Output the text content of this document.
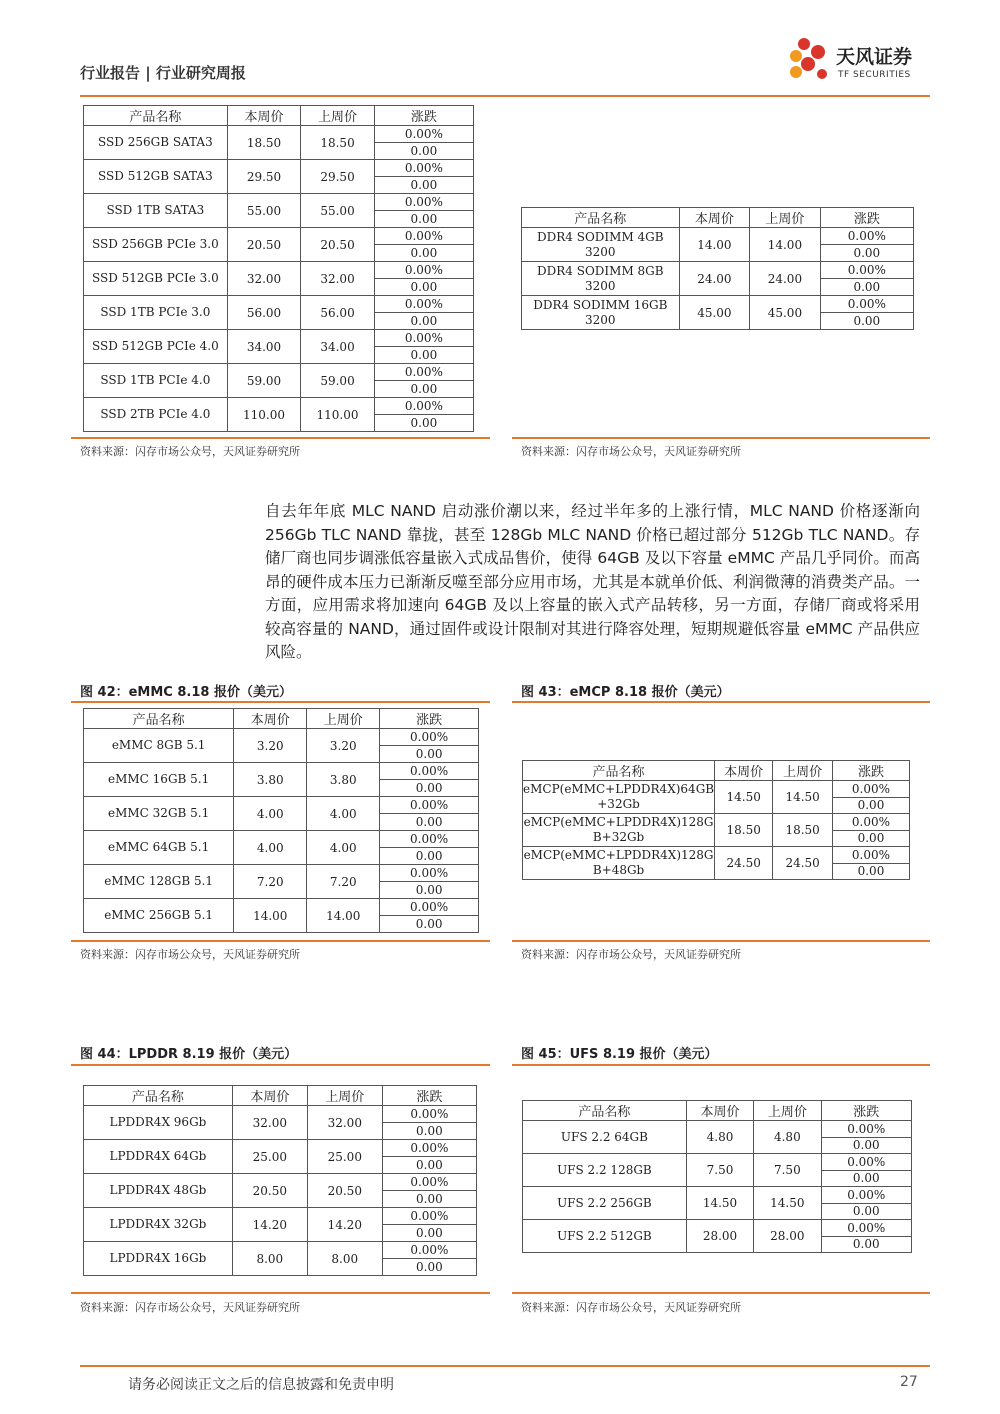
行业报告 | 行业研究周报
天风证券
TF SECURITIES
产品名称	本周价	上周价	涨跌
SSD 256GB SATA3	18.50	18.50	0.00%
			0.00
SSD 512GB SATA3	29.50	29.50	0.00%
			0.00
SSD 1TB SATA3	55.00	55.00	0.00%
			0.00
SSD 256GB PCIe 3.0	20.50	20.50	0.00%
			0.00
SSD 512GB PCIe 3.0	32.00	32.00	0.00%
			0.00
SSD 1TB PCIe 3.0	56.00	56.00	0.00%
			0.00
SSD 512GB PCIe 4.0	34.00	34.00	0.00%
			0.00
SSD 1TB PCIe 4.0	59.00	59.00	0.00%
			0.00
SSD 2TB PCIe 4.0	110.00	110.00	0.00%
			0.00
资料来源：闪存市场公众号，天风证券研究所
产品名称	本周价	上周价	涨跌
DDR4 SODIMM 4GB 3200	14.00	14.00	0.00%
			0.00
DDR4 SODIMM 8GB 3200	24.00	24.00	0.00%
			0.00
DDR4 SODIMM 16GB 3200	45.00	45.00	0.00%
			0.00
资料来源：闪存市场公众号，天风证券研究所
自去年年底 MLC NAND 启动涨价潮以来，经过半年多的上涨行情，MLC NAND 价格逐渐向 256Gb TLC NAND 靠拢，甚至 128Gb MLC NAND 价格已超过部分 512Gb TLC NAND。存储厂商也同步调涨低容量嵌入式成品售价，使得 64GB 及以下容量 eMMC 产品几乎同价。而高昂的硬件成本压力已渐渐反噬至部分应用市场，尤其是本就单价低、利润微薄的消费类产品。一方面，应用需求将加速向 64GB 及以上容量的嵌入式产品转移，另一方面，存储厂商或将采用较高容量的 NAND，通过固件或设计限制对其进行降容处理，短期规避低容量 eMMC 产品供应风险。
图 42：eMMC 8.18 报价（美元）
产品名称	本周价	上周价	涨跌
eMMC 8GB 5.1	3.20	3.20	0.00%
			0.00
eMMC 16GB 5.1	3.80	3.80	0.00%
			0.00
eMMC 32GB 5.1	4.00	4.00	0.00%
			0.00
eMMC 64GB 5.1	4.00	4.00	0.00%
			0.00
eMMC 128GB 5.1	7.20	7.20	0.00%
			0.00
eMMC 256GB 5.1	14.00	14.00	0.00%
			0.00
资料来源：闪存市场公众号，天风证券研究所
图 43：eMCP 8.18 报价（美元）
产品名称	本周价	上周价	涨跌
eMCP(eMMC+LPDDR4X)64GB +32Gb	14.50	14.50	0.00%
			0.00
eMCP(eMMC+LPDDR4X)128G B+32Gb	18.50	18.50	0.00%
			0.00
eMCP(eMMC+LPDDR4X)128G B+48Gb	24.50	24.50	0.00%
			0.00
资料来源：闪存市场公众号，天风证券研究所
图 44：LPDDR 8.19 报价（美元）
产品名称	本周价	上周价	涨跌
LPDDR4X 96Gb	32.00	32.00	0.00%
			0.00
LPDDR4X 64Gb	25.00	25.00	0.00%
			0.00
LPDDR4X 48Gb	20.50	20.50	0.00%
			0.00
LPDDR4X 32Gb	14.20	14.20	0.00%
			0.00
LPDDR4X 16Gb	8.00	8.00	0.00%
			0.00
资料来源：闪存市场公众号，天风证券研究所
图 45：UFS 8.19 报价（美元）
产品名称	本周价	上周价	涨跌
UFS 2.2 64GB	4.80	4.80	0.00%
			0.00
UFS 2.2 128GB	7.50	7.50	0.00%
			0.00
UFS 2.2 256GB	14.50	14.50	0.00%
			0.00
UFS 2.2 512GB	28.00	28.00	0.00%
			0.00
资料来源：闪存市场公众号，天风证券研究所
请务必阅读正文之后的信息披露和免责申明	27
